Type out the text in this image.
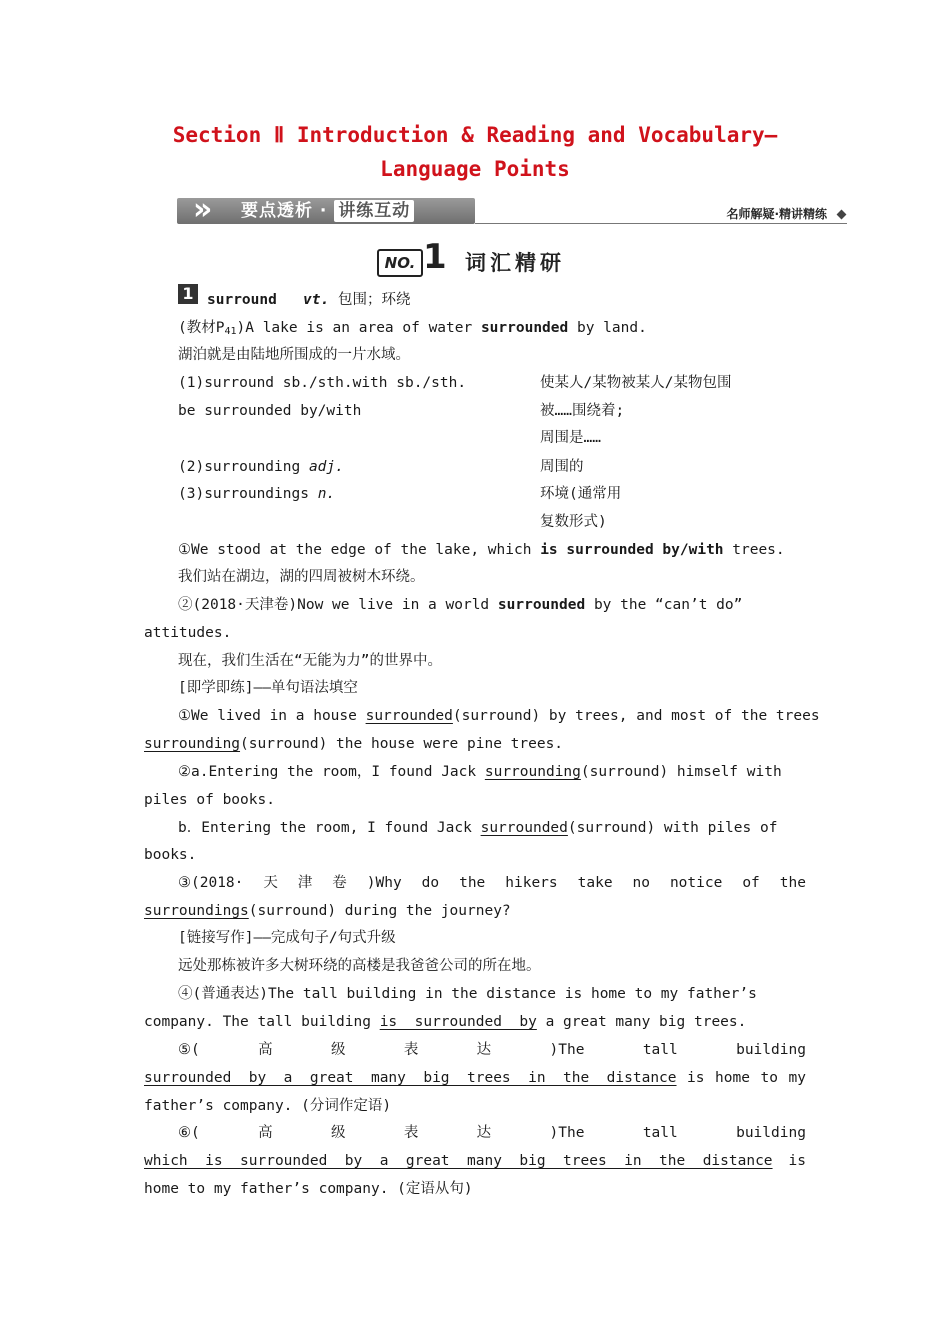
Section Ⅱ Introduction & Reading and Vocabulary—
Language Points
» 要点透析 · 讲练互动	名师解疑·精讲精练
NO. 1 词汇精研
1 surround vt. 包围；环绕
(教材$P_{41})A$ lake is an area of water surrounded by land.
湖泊就是由陆地所围成的一片水域。
(1)surround sb./sth.with sb./sth.	使某人/某物被某人/某物包围
be surrounded by/with	被……围绕着;
周围是……
(2)surrounding adj.	周围的
(3)surroundings n.	环境(通常用
复数形式)
①We stood at the edge of the lake, which is surrounded by/with trees.
我们站在湖边，湖的四周被树木环绕。
②(2018·天津卷)Now we live in a world surrounded by the “can’t do”
attitudes.
现在，我们生活在“无能为力”的世界中。
[即学即练]——单句语法填空
①We lived in a house surrounded(surround) by trees, and most of the trees
surrounding(surround) the house were pine trees.
②a.Entering the room，I found Jack surrounding(surround) himself with
piles of books.
b．Entering the room, I found Jack surrounded(surround) with piles of
books.
③(2018· 天 津 卷 )Why do the hikers take no notice of the
surroundings(surround) during the journey?
[链接写作]——完成句子/句式升级
远处那栋被许多大树环绕的高楼是我爸爸公司的所在地。
④(普通表达)The tall building in the distance is home to my father’s
company. The tall building is  surrounded  by a great many big trees.
⑤(	高	级	表	达	)The	tall	building
surrounded  by  a  great  many  big  trees  in  the  distance is home to my
father’s company. (分词作定语)
⑥(	高	级	表	达	)The	tall	building
which  is  surrounded  by  a  great  many  big  trees  in  the  distance is
home to my father’s company. (定语从句)
